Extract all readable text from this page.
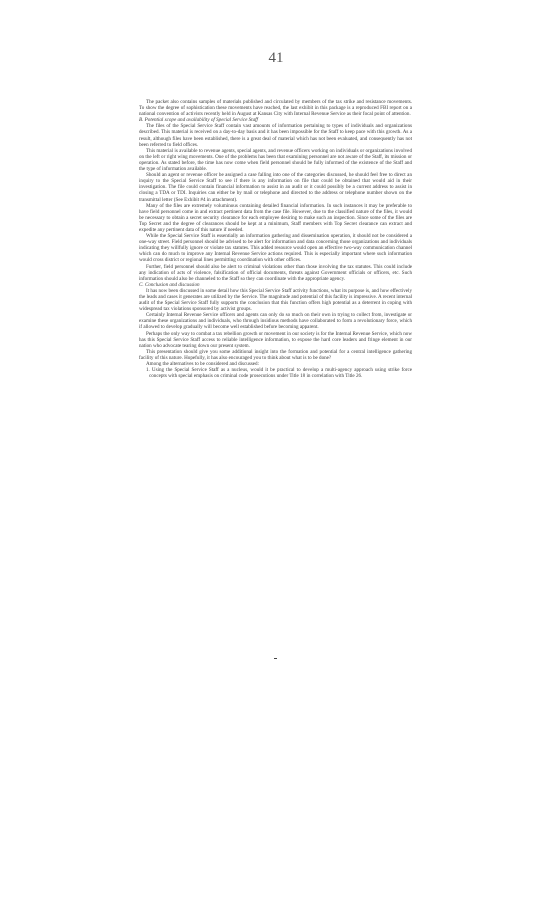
41

The packet also contains samples of materials published and circulated by members of the tax strike and resistance movements. To show the degree of sophistication these movements have reached, the last exhibit in this package is a reproduced FBI report on a national convention of activists recently held in August at Kansas City with Internal Revenue Service as their focal point of attention.

B. Potential scope and availability of Special Service Staff

The files of the Special Service Staff contain vast amounts of information pertaining to types of individuals and organizations described. This material is received on a day-to-day basis and it has been impossible for the Staff to keep pace with this growth. As a result, although files have been established, there is a great deal of material which has not been evaluated, and consequently has not been referred to field offices.

This material is available to revenue agents, special agents, and revenue officers working on individuals or organizations involved on the left or right wing movements. One of the problems has been that examining personnel are not aware of the Staff, its mission or operation. As stated before, the time has now come when field personnel should be fully informed of the existence of the Staff and the type of information available.

Should an agent or revenue officer be assigned a case falling into one of the categories discussed, he should feel free to direct an inquiry to the Special Service Staff to see if there is any information on file that could be obtained that would aid in their investigation. The file could contain financial information to assist in an audit or it could possibly be a current address to assist in closing a TDA or TDI. Inquiries can either be by mail or telephone and directed to the address or telephone number shown on the transmittal letter (See Exhibit #4 in attachment).

Many of the files are extremely voluminous containing detailed financial information. In such instances it may be preferable to have field personnel come in and extract pertinent data from the case file. However, due to the classified nature of the files, it would be necessary to obtain a secret security clearance for each employee desiring to make such an inspection. Since some of the files are Top Secret and the degree of clearances should be kept at a minimum, Staff members with Top Secret clearance can extract and expedite any pertinent data of this nature if needed.

While the Special Service Staff is essentially an information gathering and dissemination operation, it should not be considered a one-way street. Field personnel should be advised to be alert for information and data concerning those organizations and individuals indicating they willfully ignore or violate tax statutes. This added resource would open an effective two-way communication channel which can do much to improve any Internal Revenue Service actions required. This is especially important where such information would cross district or regional lines permitting coordination with other offices.

Further, field personnel should also be alert to criminal violations other than those involving the tax statutes. This could include any indication of acts of violence, falsification of official documents, threats against Government officials or officers, etc. Such information should also be channeled to the Staff so they can coordinate with the appropriate agency.

C. Conclusion and discussion

It has now been discussed in some detail how this Special Service Staff activity functions, what its purpose is, and how effectively the leads and cases it generates are utilized by the Service. The magnitude and potential of this facility is impressive. A recent internal audit of the Special Service Staff fully supports the conclusion that this function offers high potential as a deterrent in coping with widespread tax violations sponsored by activist groups.

Certainly Internal Revenue Service officers and agents can only do so much on their own in trying to collect from, investigate or examine these organizations and individuals, who through insidious methods have collaborated to form a revolutionary force, which if allowed to develop gradually will become well established before becoming apparent.

Perhaps the only way to combat a tax rebellion growth or movement in our society is for the Internal Revenue Service, which now has this Special Service Staff access to reliable intelligence information, to expose the hard core leaders and fringe element in our nation who advocate tearing down our present system.

This presentation should give you some additional insight into the formation and potential for a central intelligence gathering facility of this nature. Hopefully, it has also encouraged you to think about what is to be done?

Among the alternatives to be considered and discussed:

1. Using the Special Service Staff as a nucleus, would it be practical to develop a multi-agency approach using strike force concepts with special emphasis on criminal code prosecutions under Title 18 in correlation with Title 26.
